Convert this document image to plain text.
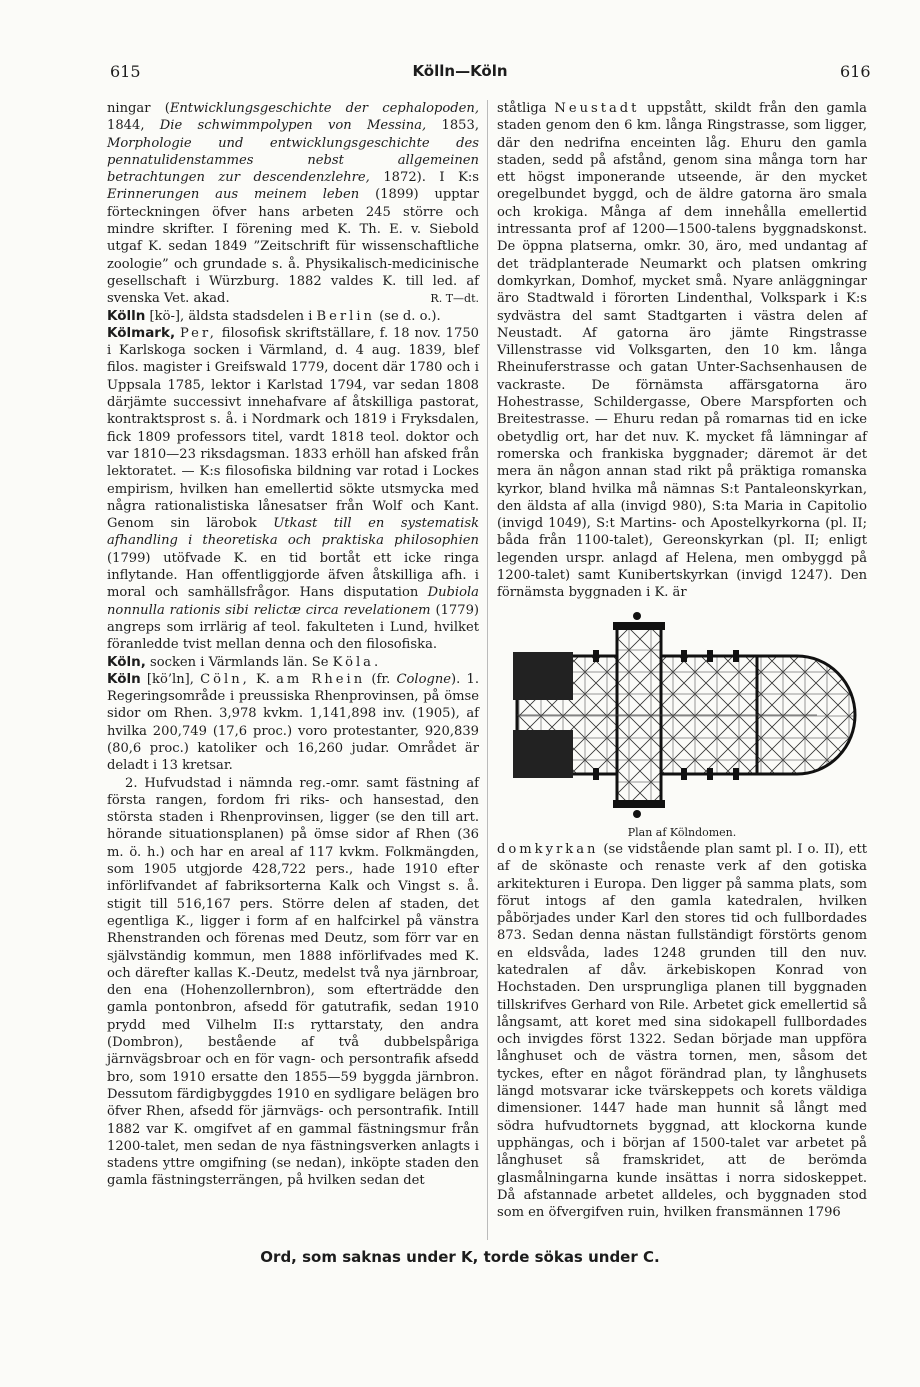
615	Kölln—Köln	616

ningar (Entwicklungsgeschichte der cephalopoden, 1844, Die schwimmpolypen von Messina, 1853, Morphologie und entwicklungsgeschichte des pennatulidenstammes nebst allgemeinen betrachtungen zur descendenzlehre, 1872). I K:s Erinnerungen aus meinem leben (1899) upptar förteckningen öfver hans arbeten 245 större och mindre skrifter. I förening med K. Th. E. v. Siebold utgaf K. sedan 1849 ”Zeitschrift für wissenschaftliche zoologie” och grundade s. å. Physikalisch-medicinische gesellschaft i Würzburg. 1882 valdes K. till led. af svenska Vet. akad.	R. T—dt.

Kölln [kö-], äldsta stadsdelen i Berlin (se d. o.).

Kölmark, Per, filosofisk skriftställare, f. 18 nov. 1750 i Karlskoga socken i Värmland, d. 4 aug. 1839, blef filos. magister i Greifswald 1779, docent där 1780 och i Uppsala 1785, lektor i Karlstad 1794, var sedan 1808 därjämte successivt innehafvare af åtskilliga pastorat, kontraktsprost s. å. i Nordmark och 1819 i Fryksdalen, fick 1809 professors titel, vardt 1818 teol. doktor och var 1810—23 riksdagsman. 1833 erhöll han afsked från lektoratet. — K:s filosofiska bildning var rotad i Lockes empirism, hvilken han emellertid sökte utsmycka med några rationalistiska lånesatser från Wolf och Kant. Genom sin lärobok Utkast till en systematisk afhandling i theoretiska och praktiska philosophien (1799) utöfvade K. en tid bortåt ett icke ringa inflytande. Han offentliggjorde äfven åtskilliga afh. i moral och samhällsfrågor. Hans disputation Dubiola nonnulla rationis sibi relictæ circa revelationem (1779) angreps som irrlärig af teol. fakulteten i Lund, hvilket föranledde tvist mellan denna och den filosofiska.

Köln, socken i Värmlands län. Se Köla.

Köln [kö’ln], Cöln, K. am Rhein (fr. Cologne). 1. Regeringsområde i preussiska Rhenprovinsen, på ömse sidor om Rhen. 3,978 kvkm. 1,141,898 inv. (1905), af hvilka 200,749 (17,6 proc.) voro protestanter, 920,839 (80,6 proc.) katoliker och 16,260 judar. Området är deladt i 13 kretsar.

2. Hufvudstad i nämnda reg.-omr. samt fästning af första rangen, fordom fri riks- och hansestad, den största staden i Rhenprovinsen, ligger (se den till art. hörande situationsplanen) på ömse sidor af Rhen (36 m. ö. h.) och har en areal af 117 kvkm. Folkmängden, som 1905 utgjorde 428,722 pers., hade 1910 efter införlifvandet af fabriksorterna Kalk och Vingst s. å. stigit till 516,167 pers. Större delen af staden, det egentliga K., ligger i form af en halfcirkel på vänstra Rhenstranden och förenas med Deutz, som förr var en självständig kommun, men 1888 införlifvades med K. och därefter kallas K.-Deutz, medelst två nya järnbroar, den ena (Hohenzollernbron), som efterträdde den gamla pontonbron, afsedd för gatutrafik, sedan 1910 prydd med Vilhelm II:s ryttarstaty, den andra (Dombron), bestående af två dubbelspåriga järnvägsbroar och en för vagn- och persontrafik afsedd bro, som 1910 ersatte den 1855—59 byggda järnbron. Dessutom färdigbyggdes 1910 en sydligare belägen bro öfver Rhen, afsedd för järnvägs- och persontrafik. Intill 1882 var K. omgifvet af en gammal fästningsmur från 1200-talet, men sedan de nya fästningsverken anlagts i stadens yttre omgifning (se nedan), inköpte staden den gamla fästningsterrängen, på hvilken sedan det

ståtliga Neustadt uppstått, skildt från den gamla staden genom den 6 km. långa Ringstrasse, som ligger, där den nedrifna enceinten låg. Ehuru den gamla staden, sedd på afstånd, genom sina många torn har ett högst imponerande utseende, är den mycket oregelbundet byggd, och de äldre gatorna äro smala och krokiga. Många af dem innehålla emellertid intressanta prof af 1200—1500-talens byggnadskonst. De öppna platserna, omkr. 30, äro, med undantag af det trädplanterade Neumarkt och platsen omkring domkyrkan, Domhof, mycket små. Nyare anläggningar äro Stadtwald i förorten Lindenthal, Volkspark i K:s sydvästra del samt Stadtgarten i västra delen af Neustadt. Af gatorna äro jämte Ringstrasse Villenstrasse vid Volksgarten, den 10 km. långa Rheinuferstrasse och gatan Unter-Sachsenhausen de vackraste. De förnämsta affärsgatorna äro Hohestrasse, Schildergasse, Obere Marspforten och Breitestrasse. — Ehuru redan på romarnas tid en icke obetydlig ort, har det nuv. K. mycket få lämningar af romerska och frankiska byggnader; däremot är det mera än någon annan stad rikt på präktiga romanska kyrkor, bland hvilka må nämnas S:t Pantaleonskyrkan, den äldsta af alla (invigd 980), S:ta Maria in Capitolio (invigd 1049), S:t Martins- och Apostelkyrkorna (pl. II; båda från 1100-talet), Gereonskyrkan (pl. II; enligt legenden urspr. anlagd af Helena, men ombyggd på 1200-talet) samt Kunibertskyrkan (invigd 1247). Den förnämsta byggnaden i K. är

Plan af Kölndomen.

domkyrkan (se vidstående plan samt pl. I o. II), ett af de skönaste och renaste verk af den gotiska arkitekturen i Europa. Den ligger på samma plats, som förut intogs af den gamla katedralen, hvilken påbörjades under Karl den stores tid och fullbordades 873. Sedan denna nästan fullständigt förstörts genom en eldsvåda, lades 1248 grunden till den nuv. katedralen af dåv. ärkebiskopen Konrad von Hochstaden. Den ursprungliga planen till byggnaden tillskrifves Gerhard von Rile. Arbetet gick emellertid så långsamt, att koret med sina sidokapell fullbordades och invigdes först 1322. Sedan började man uppföra långhuset och de västra tornen, men, såsom det tyckes, efter en något förändrad plan, ty långhusets längd motsvarar icke tvärskeppets och korets väldiga dimensioner. 1447 hade man hunnit så långt med södra hufvudtornets byggnad, att klockorna kunde upphängas, och i början af 1500-talet var arbetet på långhuset så framskridet, att de berömda glasmålningarna kunde insättas i norra sidoskeppet. Då afstannade arbetet alldeles, och byggnaden stod som en öfvergifven ruin, hvilken fransmännen 1796

Ord, som saknas under K, torde sökas under C.
